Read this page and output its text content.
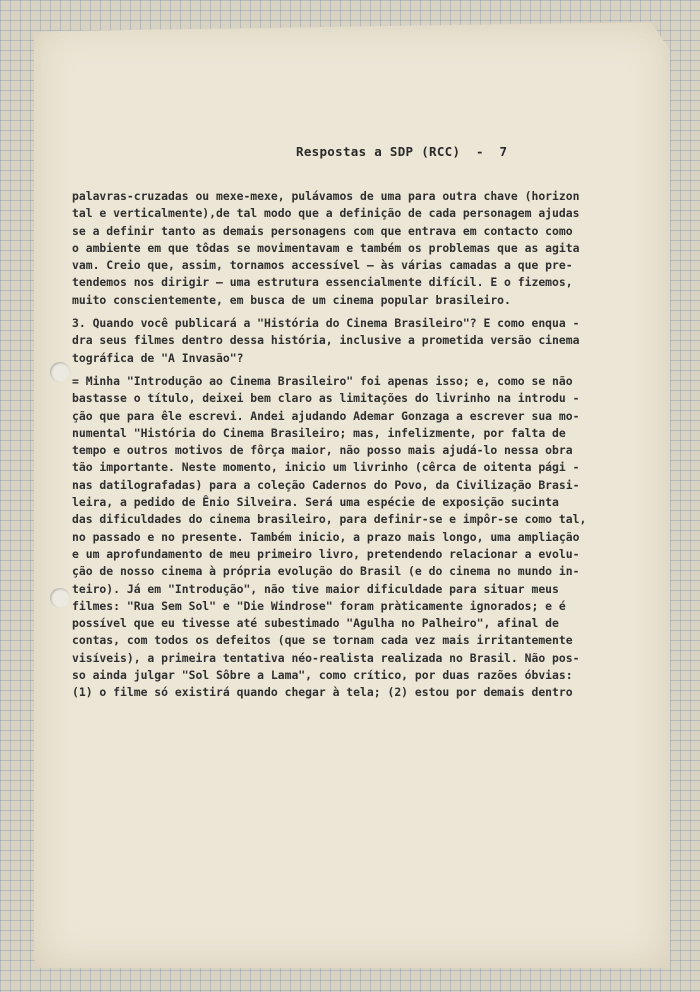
Respostas a SDP (RCC)  -  7
palavras-cruzadas ou mexe-mexe, pulávamos de uma para outra chave (horizon
tal e verticalmente),de tal modo que a definição de cada personagem ajudas
se a definir tanto as demais personagens com que entrava em contacto como
o ambiente em que tôdas se movimentavam e também os problemas que as agita
vam. Creio que, assim, tornamos accessível — às várias camadas a que pre-
tendemos nos dirigir — uma estrutura essencialmente difícil. E o fizemos,
muito conscientemente, em busca de um cinema popular brasileiro.
3. Quando você publicará a "História do Cinema Brasileiro"? E como enqua -
dra seus filmes dentro dessa história, inclusive a prometida versão cinema
tográfica de "A Invasão"?
= Minha "Introdução ao Cinema Brasileiro" foi apenas isso; e, como se não
bastasse o título, deixei bem claro as limitações do livrinho na introdu -
ção que para êle escrevi. Andei ajudando Ademar Gonzaga a escrever sua mo-
numental "História do Cinema Brasileiro; mas, infelizmente, por falta de
tempo e outros motivos de fôrça maior, não posso mais ajudá-lo nessa obra
tão importante. Neste momento, inicio um livrinho (cêrca de oitenta pági -
nas datilografadas) para a coleção Cadernos do Povo, da Civilização Brasi-
leira, a pedido de Ênio Silveira. Será uma espécie de exposição sucinta
das dificuldades do cinema brasileiro, para definir-se e impôr-se como tal,
no passado e no presente. Também inicio, a prazo mais longo, uma ampliação
e um aprofundamento de meu primeiro livro, pretendendo relacionar a evolu-
ção de nosso cinema à própria evolução do Brasil (e do cinema no mundo in-
teiro). Já em "Introdução", não tive maior dificuldade para situar meus
filmes: "Rua Sem Sol" e "Die Windrose" foram pràticamente ignorados; e é
possível que eu tivesse até subestimado "Agulha no Palheiro", afinal de
contas, com todos os defeitos (que se tornam cada vez mais irritantemente
visíveis), a primeira tentativa néo-realista realizada no Brasil. Não pos-
so ainda julgar "Sol Sôbre a Lama", como crítico, por duas razões óbvias:
(1) o filme só existirá quando chegar à tela; (2) estou por demais dentro
